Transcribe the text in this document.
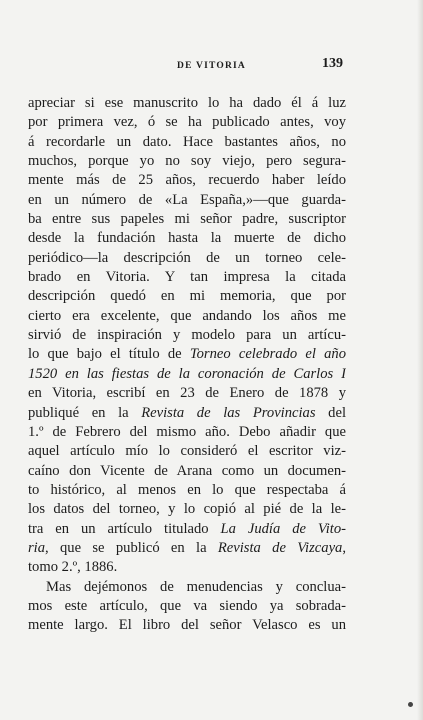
DE VITORIA	139
apreciar si ese manuscrito lo ha dado él á luz
por primera vez, ó se ha publicado antes, voy
á recordarle un dato. Hace bastantes años, no
muchos, porque yo no soy viejo, pero segura-
mente más de 25 años, recuerdo haber leído
en un número de «La España,»—que guarda-
ba entre sus papeles mi señor padre, suscriptor
desde la fundación hasta la muerte de dicho
periódico—la descripción de un torneo cele-
brado en Vitoria. Y tan impresa la citada
descripción quedó en mi memoria, que por
cierto era excelente, que andando los años me
sirvió de inspiración y modelo para un artícu-
lo que bajo el título de Torneo celebrado el año
1520 en las fiestas de la coronación de Carlos I
en Vitoria, escribí en 23 de Enero de 1878 y
publiqué en la Revista de las Provincias del
1.º de Febrero del mismo año. Debo añadir que
aquel artículo mío lo consideró el escritor viz-
caíno don Vicente de Arana como un documen-
to histórico, al menos en lo que respectaba á
los datos del torneo, y lo copió al pié de la le-
tra en un artículo titulado La Judía de Vito-
ria, que se publicó en la Revista de Vizcaya,
tomo 2.º, 1886.
Mas dejémonos de menudencias y conclua-
mos este artículo, que va siendo ya sobrada-
mente largo. El libro del señor Velasco es un
